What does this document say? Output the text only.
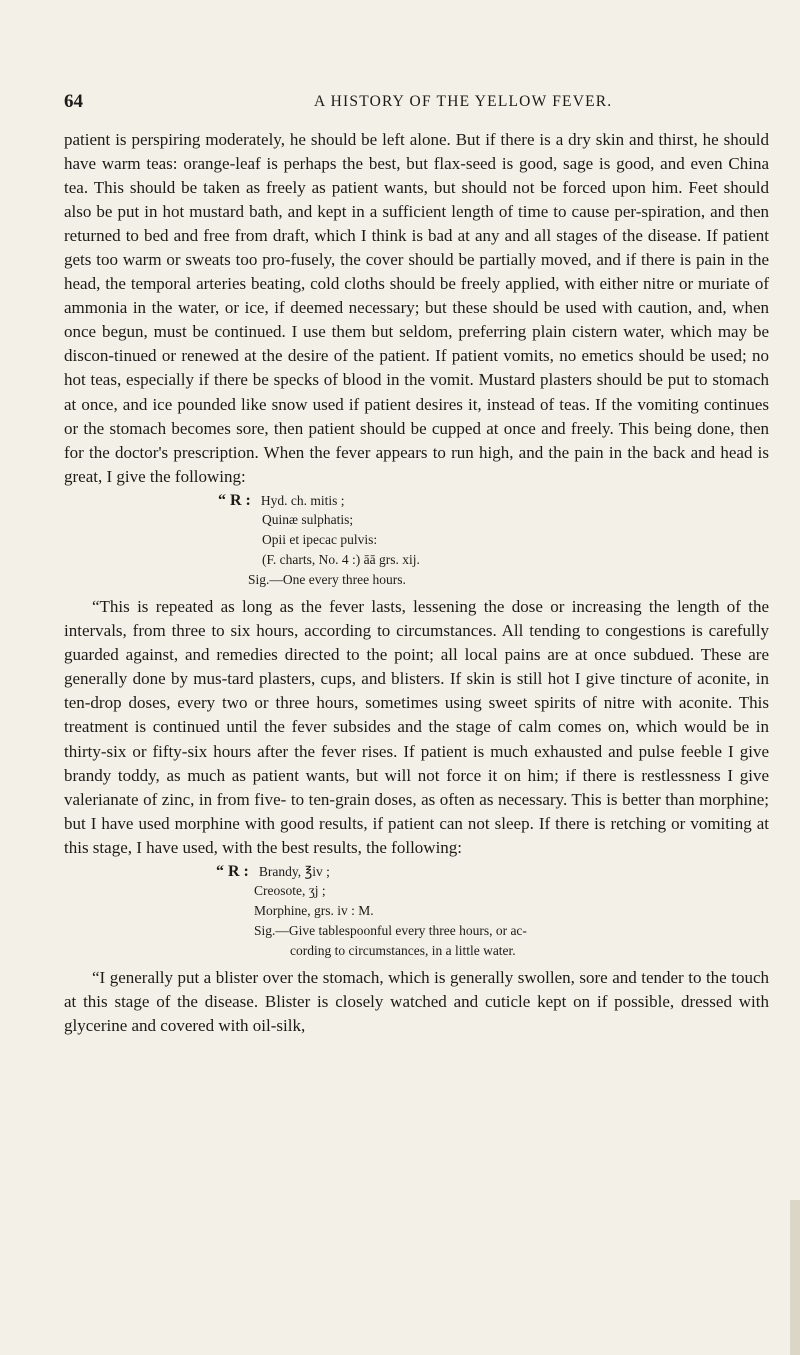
64	A HISTORY OF THE YELLOW FEVER.

patient is perspiring moderately, he should be left alone. But if there is a dry skin and thirst, he should have warm teas: orange-leaf is perhaps the best, but flax-seed is good, sage is good, and even China tea. This should be taken as freely as patient wants, but should not be forced upon him. Feet should also be put in hot mustard bath, and kept in a sufficient length of time to cause per-spiration, and then returned to bed and free from draft, which I think is bad at any and all stages of the disease. If patient gets too warm or sweats too pro-fusely, the cover should be partially moved, and if there is pain in the head, the temporal arteries beating, cold cloths should be freely applied, with either nitre or muriate of ammonia in the water, or ice, if deemed necessary; but these should be used with caution, and, when once begun, must be continued. I use them but seldom, preferring plain cistern water, which may be discon-tinued or renewed at the desire of the patient. If patient vomits, no emetics should be used; no hot teas, especially if there be specks of blood in the vomit. Mustard plasters should be put to stomach at once, and ice pounded like snow used if patient desires it, instead of teas. If the vomiting continues or the stomach becomes sore, then patient should be cupped at once and freely. This being done, then for the doctor's prescription. When the fever appears to run high, and the pain in the back and head is great, I give the following:

“ R : Hyd. ch. mitis ;
Quinæ sulphatis;
Opii et ipecac pulvis:
(F. charts, No. 4 :) āā grs. xij.
Sig.—One every three hours.

“This is repeated as long as the fever lasts, lessening the dose or increasing the length of the intervals, from three to six hours, according to circumstances. All tending to congestions is carefully guarded against, and remedies directed to the point; all local pains are at once subdued. These are generally done by mus-tard plasters, cups, and blisters. If skin is still hot I give tincture of aconite, in ten-drop doses, every two or three hours, sometimes using sweet spirits of nitre with aconite. This treatment is continued until the fever subsides and the stage of calm comes on, which would be in thirty-six or fifty-six hours after the fever rises. If patient is much exhausted and pulse feeble I give brandy toddy, as much as patient wants, but will not force it on him; if there is restlessness I give valerianate of zinc, in from five- to ten-grain doses, as often as necessary. This is better than morphine; but I have used morphine with good results, if patient can not sleep. If there is retching or vomiting at this stage, I have used, with the best results, the following:

“ R : Brandy, ℥iv ;
Creosote, ʒj ;
Morphine, grs. iv : M.
Sig.—Give tablespoonful every three hours, or ac-
cording to circumstances, in a little water.

“I generally put a blister over the stomach, which is generally swollen, sore and tender to the touch at this stage of the disease. Blister is closely watched and cuticle kept on if possible, dressed with glycerine and covered with oil-silk,
